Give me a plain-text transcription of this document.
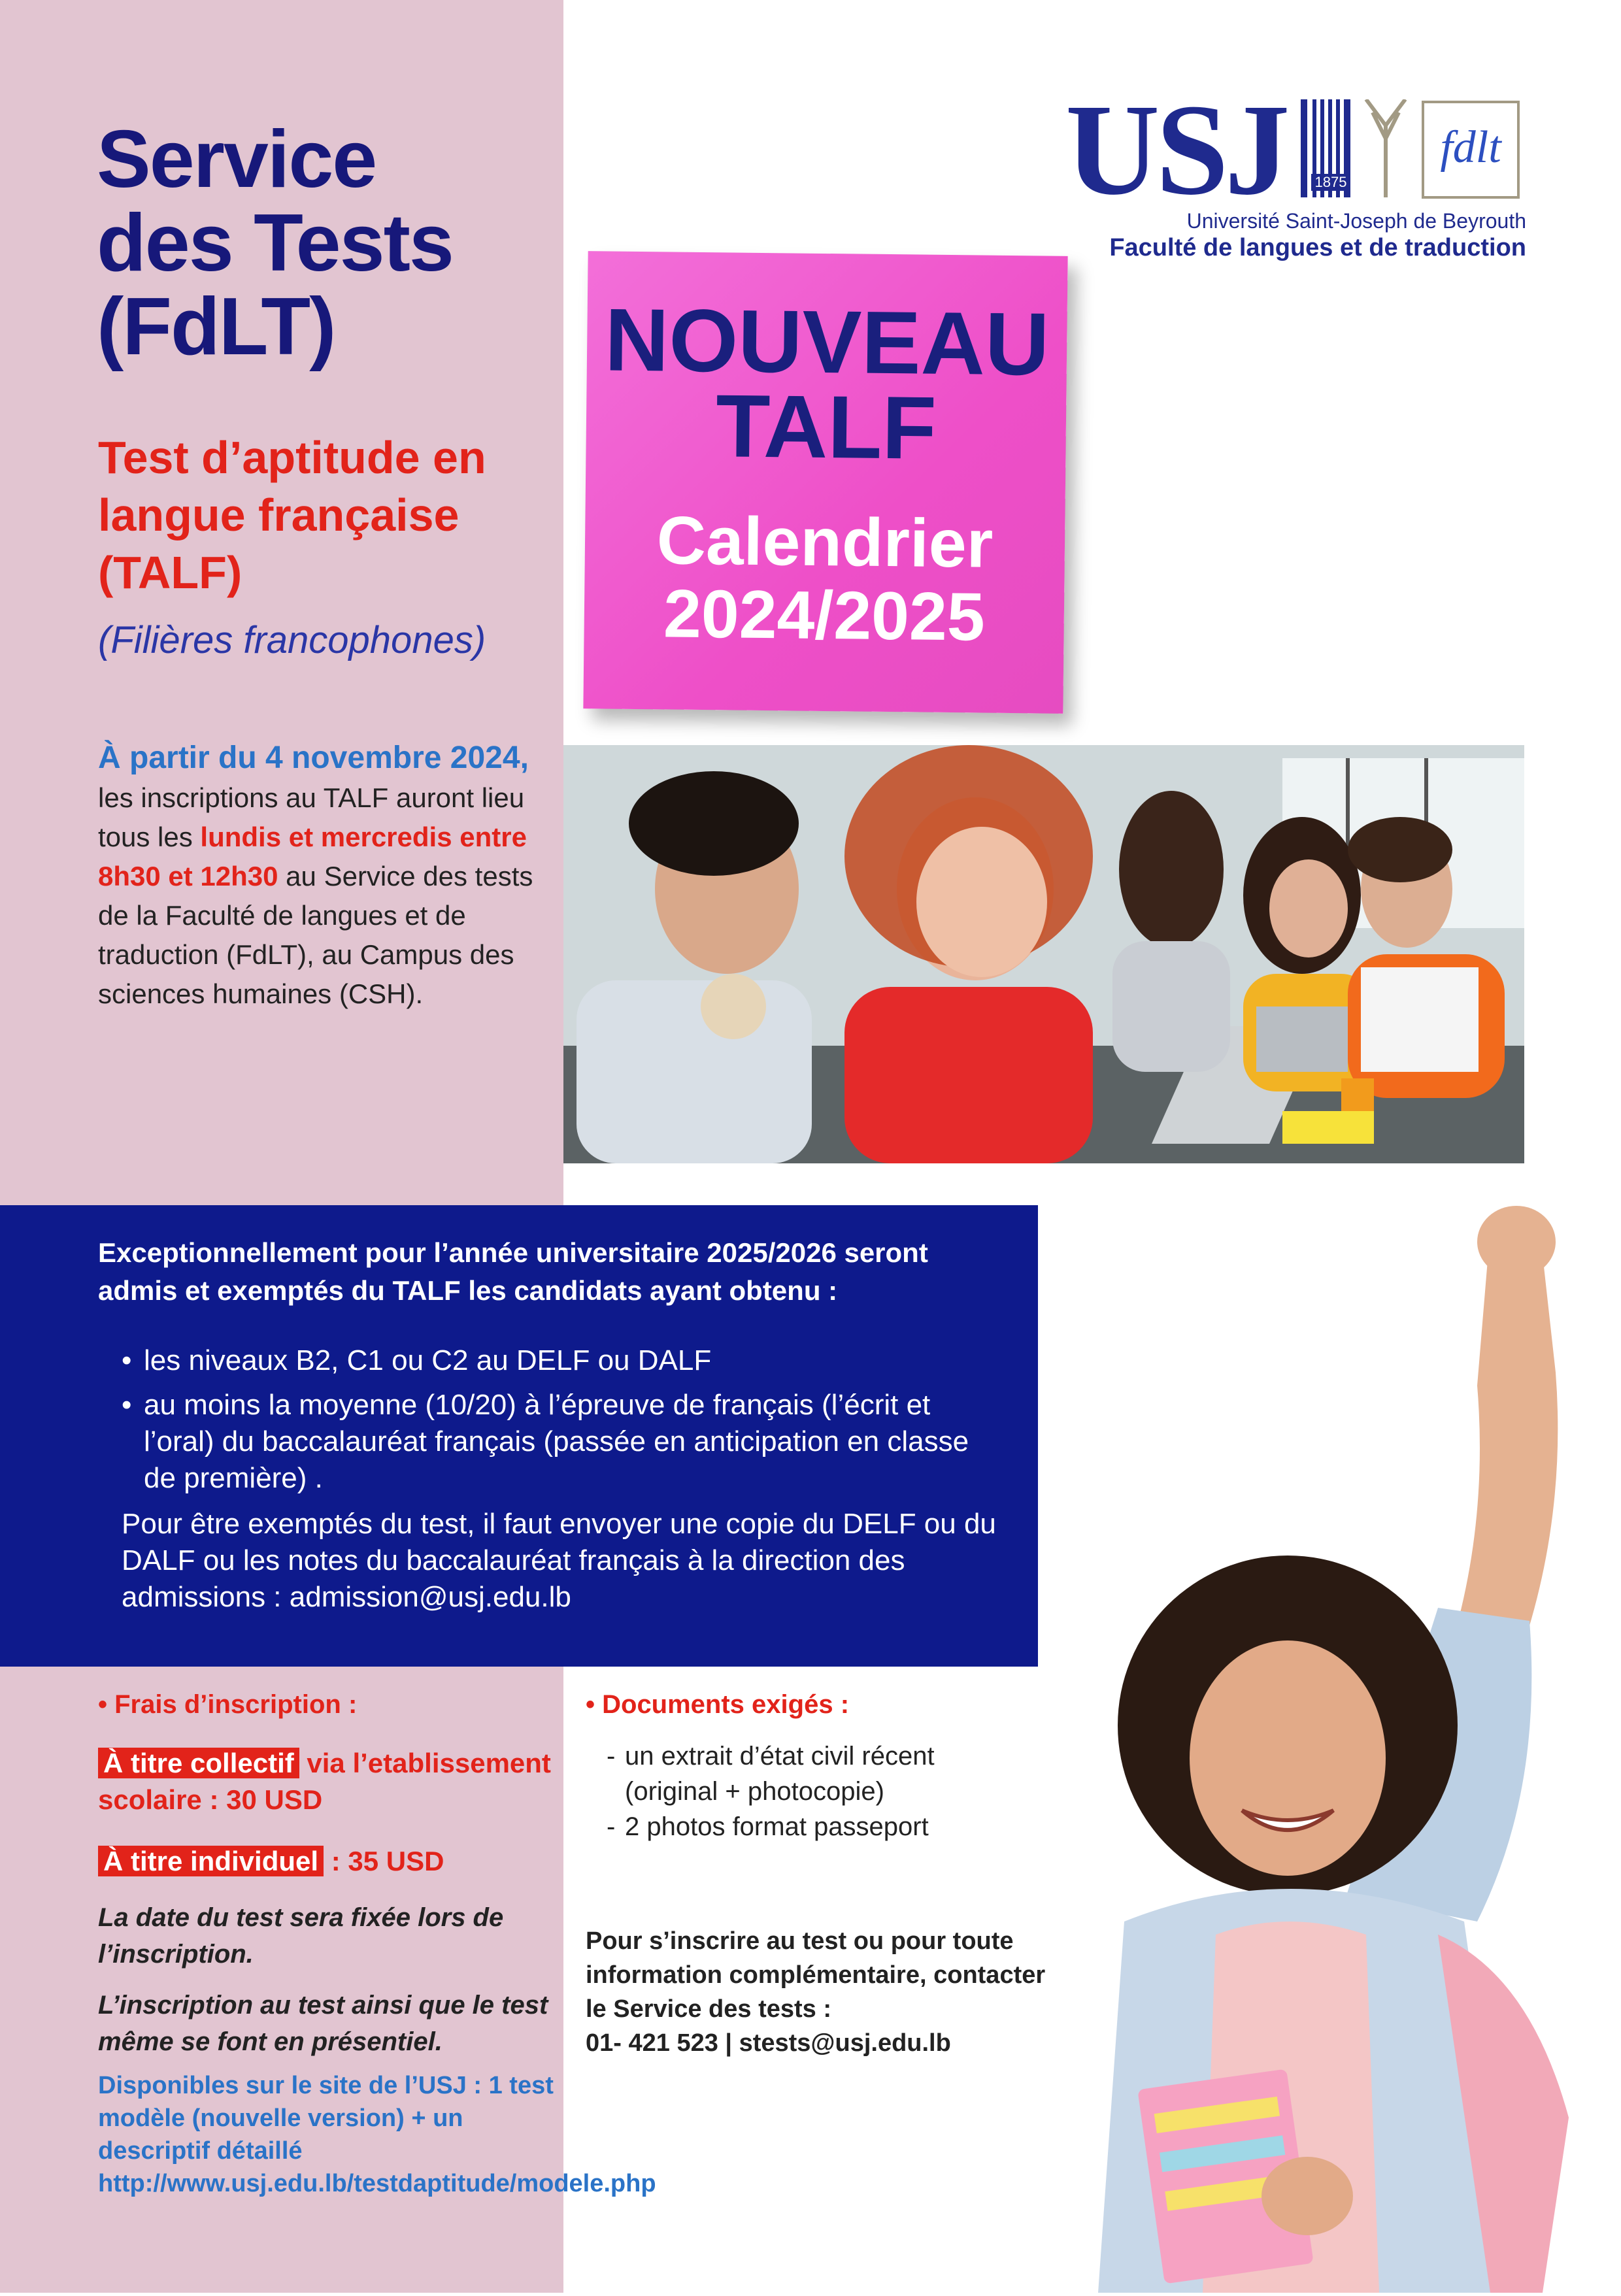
Service
des Tests
(FdLT)
Test d’aptitude en
langue française
(TALF)
(Filières francophones)
À partir du 4 novembre 2024, les inscriptions au TALF auront lieu tous les lundis et mercredis entre 8h30 et 12h30 au Service des tests de la Faculté de langues et de traduction (FdLT), au Campus des sciences humaines (CSH).
USJ 1875
fdlt
Université Saint-Joseph de Beyrouth
Faculté de langues et de traduction
NOUVEAU
TALF
Calendrier
2024/2025
Exceptionnellement pour l’année universitaire 2025/2026 seront admis et exemptés du TALF les candidats ayant obtenu :
• les niveaux B2, C1 ou C2 au DELF ou DALF
• au moins la moyenne (10/20) à l’épreuve de français (l’écrit et l’oral) du baccalauréat français (passée en anticipation en classe de première) .
Pour être exemptés du test, il faut envoyer une copie du DELF ou du DALF ou les notes du baccalauréat français à la direction des admissions : admission@usj.edu.lb
• Frais d’inscription :
À titre collectif via l’etablissement scolaire : 30 USD
À titre individuel : 35 USD
La date du test sera fixée lors de l’inscription.
L’inscription au test ainsi que le test même se font en présentiel.
Disponibles sur le site de l’USJ : 1 test modèle (nouvelle version) + un descriptif détaillé http://www.usj.edu.lb/testdaptitude/modele.php
• Documents exigés :
- un extrait d’état civil récent (original + photocopie)
- 2 photos format passeport
Pour s’inscrire au test ou pour toute
information complémentaire, contacter
le Service des tests :
01- 421 523 | stests@usj.edu.lb
